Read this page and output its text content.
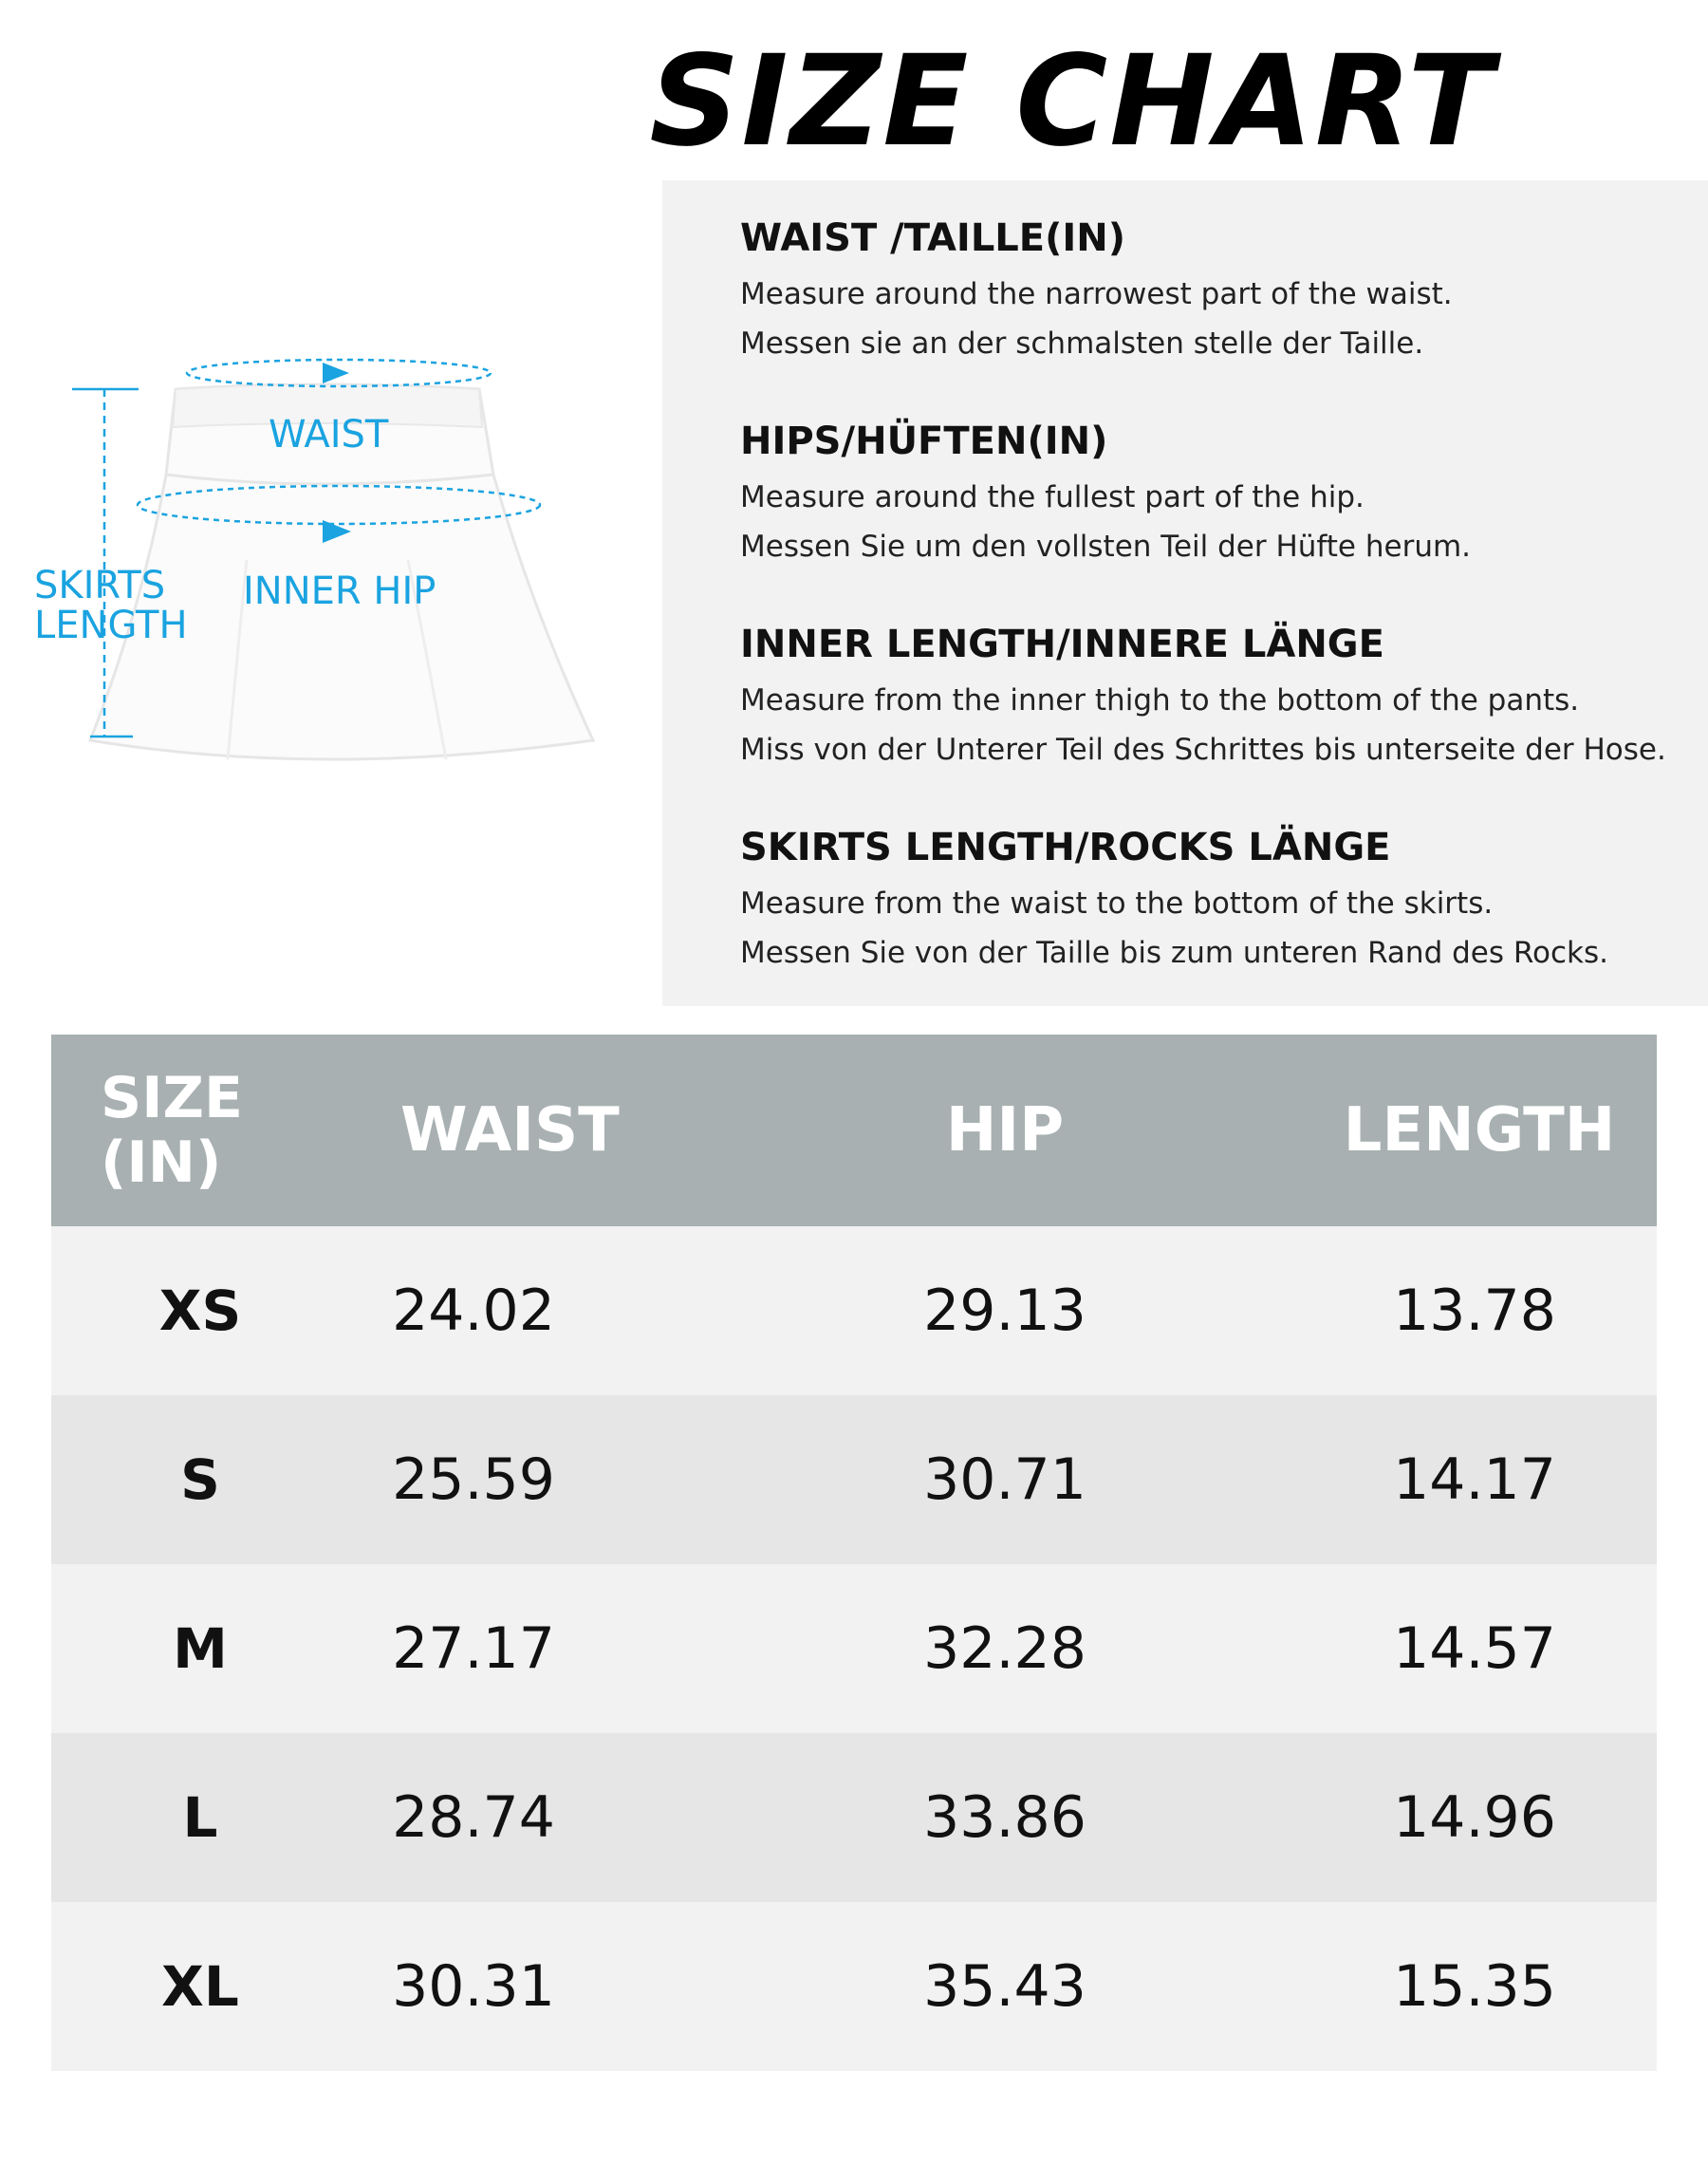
SIZE CHART
WAIST
INNER HIP
SKIRTS
LENGTH
WAIST /TAILLE(IN)

Measure around the narrowest part of the waist.

Messen sie an der schmalsten stelle der Taille.

HIPS/HÜFTEN(IN)

Measure around the fullest part of the hip.

Messen Sie um den vollsten Teil der Hüfte herum.

INNER LENGTH/INNERE LÄNGE

Measure from the inner thigh to the bottom of the pants.

Miss von der Unterer Teil des Schrittes bis unterseite der Hose.

SKIRTS LENGTH/ROCKS LÄNGE

Measure from the waist to the bottom of the skirts.

Messen Sie von der Taille bis zum unteren Rand des Rocks.

SIZE
(IN)	WAIST	HIP	LENGTH
XS	24.02	29.13	13.78
S	25.59	30.71	14.17
M	27.17	32.28	14.57
L	28.74	33.86	14.96
XL	30.31	35.43	15.35
